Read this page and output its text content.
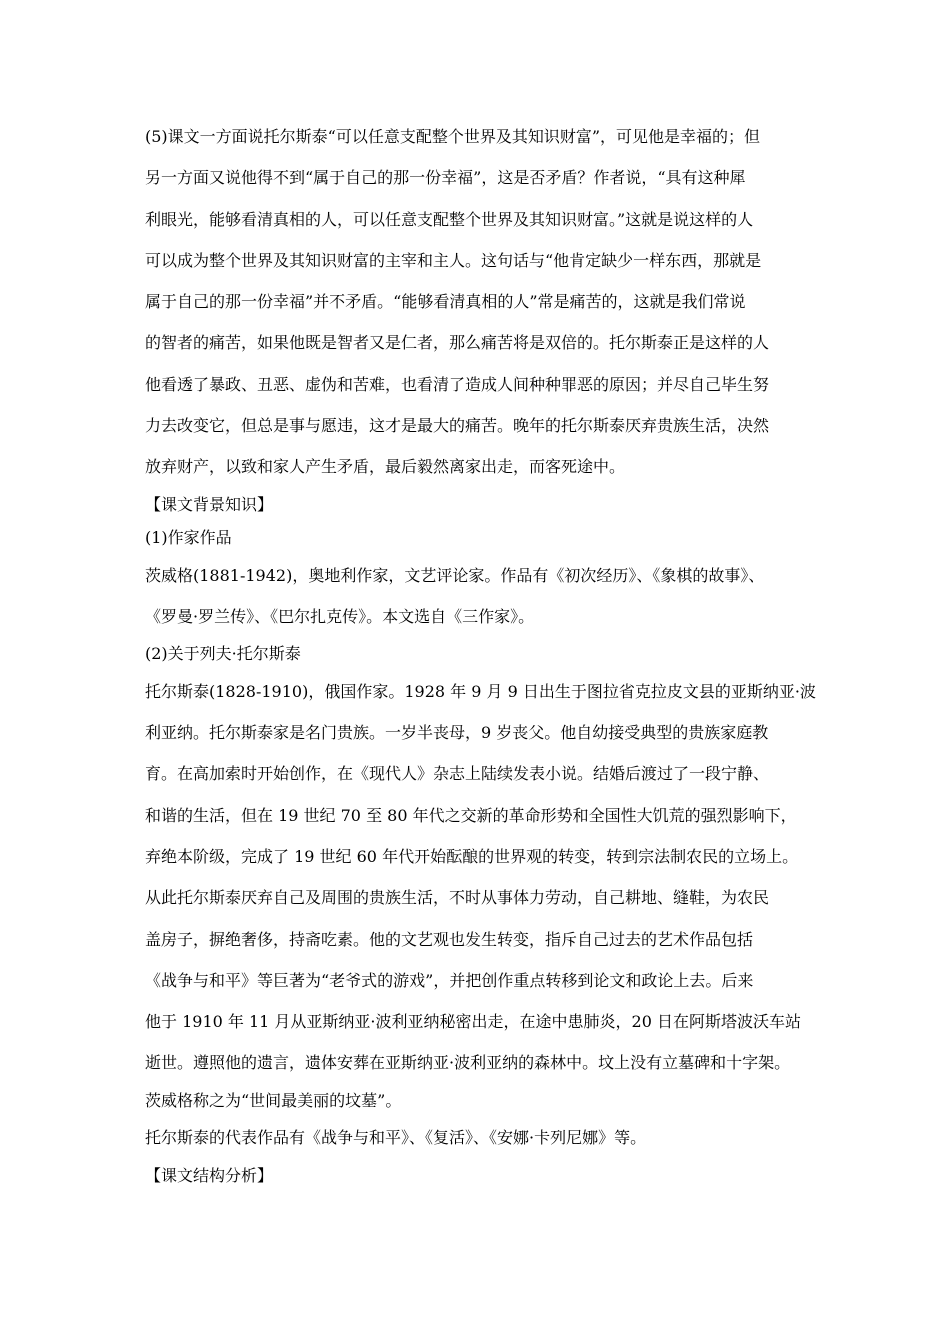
(5)课文一方面说托尔斯泰“可以任意支配整个世界及其知识财富”，可见他是幸福的；但

另一方面又说他得不到“属于自己的那一份幸福”，这是否矛盾？作者说，“具有这种犀

利眼光，能够看清真相的人，可以任意支配整个世界及其知识财富。”这就是说这样的人

可以成为整个世界及其知识财富的主宰和主人。这句话与“他肯定缺少一样东西，那就是

属于自己的那一份幸福”并不矛盾。“能够看清真相的人”常是痛苦的，这就是我们常说

的智者的痛苦，如果他既是智者又是仁者，那么痛苦将是双倍的。托尔斯泰正是这样的人

他看透了暴政、丑恶、虚伪和苦难，也看清了造成人间种种罪恶的原因；并尽自己毕生努

力去改变它，但总是事与愿违，这才是最大的痛苦。晚年的托尔斯泰厌弃贵族生活，决然

放弃财产，以致和家人产生矛盾，最后毅然离家出走，而客死途中。

【课文背景知识】

(1)作家作品

茨威格(1881-1942)，奥地利作家，文艺评论家。作品有《初次经历》、《象棋的故事》、

《罗曼·罗兰传》、《巴尔扎克传》。本文选自《三作家》。

(2)关于列夫·托尔斯泰

托尔斯泰(1828-1910)，俄国作家。1928 年 9 月 9 日出生于图拉省克拉皮文县的亚斯纳亚·波

利亚纳。托尔斯泰家是名门贵族。一岁半丧母，9 岁丧父。他自幼接受典型的贵族家庭教

育。在高加索时开始创作，在《现代人》杂志上陆续发表小说。结婚后渡过了一段宁静、

和谐的生活，但在 19 世纪 70 至 80 年代之交新的革命形势和全国性大饥荒的强烈影响下，

弃绝本阶级，完成了 19 世纪 60 年代开始酝酿的世界观的转变，转到宗法制农民的立场上。

从此托尔斯泰厌弃自己及周围的贵族生活，不时从事体力劳动，自己耕地、缝鞋，为农民

盖房子，摒绝奢侈，持斋吃素。他的文艺观也发生转变，指斥自己过去的艺术作品包括

《战争与和平》等巨著为“老爷式的游戏”，并把创作重点转移到论文和政论上去。后来

他于 1910 年 11 月从亚斯纳亚·波利亚纳秘密出走，在途中患肺炎，20 日在阿斯塔波沃车站

逝世。遵照他的遗言，遗体安葬在亚斯纳亚·波利亚纳的森林中。坟上没有立墓碑和十字架。

茨威格称之为“世间最美丽的坟墓”。

托尔斯泰的代表作品有《战争与和平》、《复活》、《安娜·卡列尼娜》等。

【课文结构分析】
